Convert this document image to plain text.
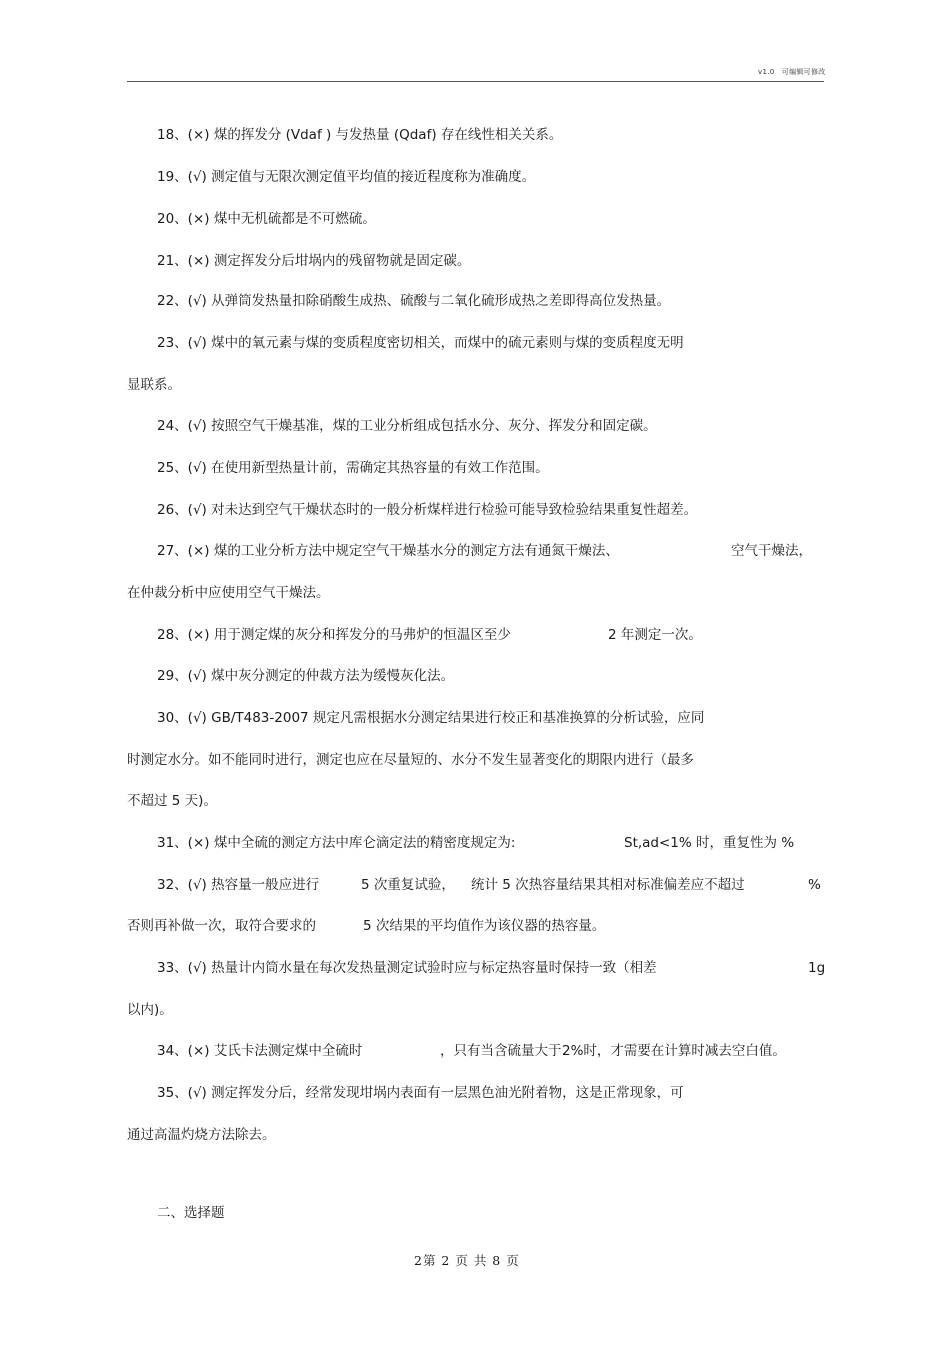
v1.0　可编辑可修改
18、(×) 煤的挥发分 (Vdaf ) 与发热量 (Qdaf) 存在线性相关关系。
19、(√) 测定值与无限次测定值平均值的接近程度称为准确度。
20、(×) 煤中无机硫都是不可燃硫。
21、(×) 测定挥发分后坩埚内的残留物就是固定碳。
22、(√) 从弹筒发热量扣除硝酸生成热、硫酸与二氧化硫形成热之差即得高位发热量。
23、(√) 煤中的氧元素与煤的变质程度密切相关，而煤中的硫元素则与煤的变质程度无明
显联系。
24、(√) 按照空气干燥基准，煤的工业分析组成包括水分、灰分、挥发分和固定碳。
25、(√) 在使用新型热量计前，需确定其热容量的有效工作范围。
26、(√) 对未达到空气干燥状态时的一般分析煤样进行检验可能导致检验结果重复性超差。
27、(×) 煤的工业分析方法中规定空气干燥基水分的测定方法有通氮干燥法、	空气干燥法，
在仲裁分析中应使用空气干燥法。
28、(×) 用于测定煤的灰分和挥发分的马弗炉的恒温区至少	2 年测定一次。
29、(√) 煤中灰分测定的仲裁方法为缓慢灰化法。
30、(√) GB/T483-2007 规定凡需根据水分测定结果进行校正和基准换算的分析试验，应同
时测定水分。如不能同时进行，测定也应在尽量短的、水分不发生显著变化的期限内进行（最多
不超过 5 天)。
31、(×) 煤中全硫的测定方法中库仑滴定法的精密度规定为:	St,ad<1% 时，重复性为 %
32、(√) 热容量一般应进行	5 次重复试验， 统计 5 次热容量结果其相对标准偏差应不超过	%
否则再补做一次，取符合要求的	5 次结果的平均值作为该仪器的热容量。
33、(√) 热量计内筒水量在每次发热量测定试验时应与标定热容量时保持一致（相差	1g
以内)。
34、(×) 艾氏卡法测定煤中全硫时	，只有当含硫量大于 2%时，才需要在计算时减去空白值。
35、(√) 测定挥发分后，经常发现坩埚内表面有一层黑色油光附着物，这是正常现象，可
通过高温灼烧方法除去。
二、选择题
2第 2 页 共 8 页
